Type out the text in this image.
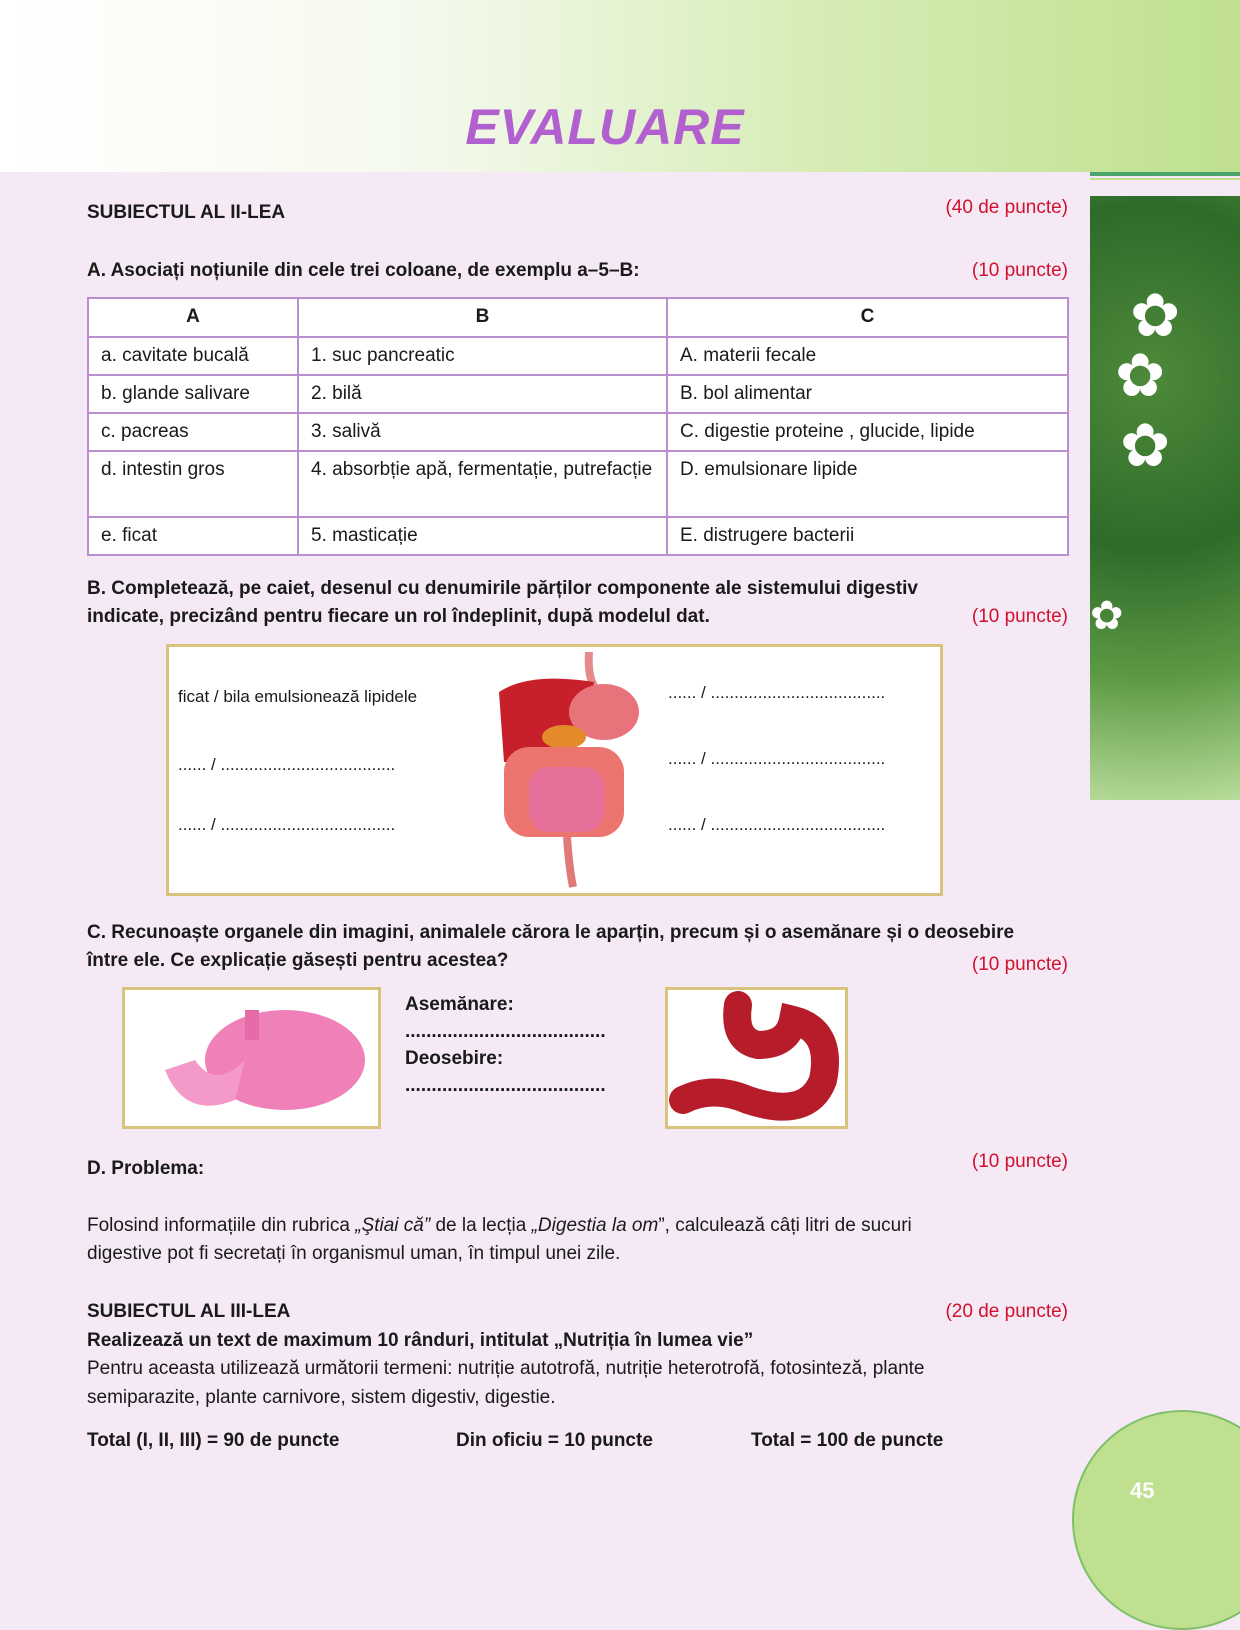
EVALUARE
✿
✿
✿
✿
SUBIECTUL AL II-LEA	(40 de puncte)
A. Asociați noțiunile din cele trei coloane, de exemplu a–5–B:	(10 puncte)
A	B	C
a. cavitate bucală	1. suc pancreatic	A. materii fecale
b. glande salivare	2. bilă	B. bol alimentar
c. pacreas	3. salivă	C. digestie proteine , glucide, lipide
d. intestin gros	4. absorbție apă, fermentație, putrefacție	D. emulsionare lipide
e. ficat	5. masticație	E. distrugere bacterii
B. Completează, pe caiet, desenul cu denumirile părților componente ale sistemului digestiv
indicate, precizând pentru fiecare un rol îndeplinit, după modelul dat.	(10 puncte)
ficat / bila emulsionează lipidele
...... / .....................................
...... / .....................................
...... / .....................................
...... / .....................................
...... / .....................................
C. Recunoaște organele din imagini, animalele cărora le aparțin, precum și o asemănare și o deosebire
între ele. Ce explicație găsești pentru acestea?	(10 puncte)
Asemănare:
......................................
Deosebire:
......................................
D. Problema:	(10 puncte)
Folosind informațiile din rubrica „Ştiai că” de la lecția „Digestia la om”, calculează câți litri de sucuri
digestive pot fi secretați în organismul uman, în timpul unei zile.
SUBIECTUL AL III-LEA	(20 de puncte)
Realizează un text de maximum 10 rânduri, intitulat „Nutriția în lumea vie”
Pentru aceasta utilizează următorii termeni: nutriție autotrofă, nutriție heterotrofă, fotosinteză, plante
semiparazite, plante carnivore, sistem digestiv, digestie.
Total (I, II, III) = 90 de puncte	Din oficiu = 10 puncte	Total = 100 de puncte
45
